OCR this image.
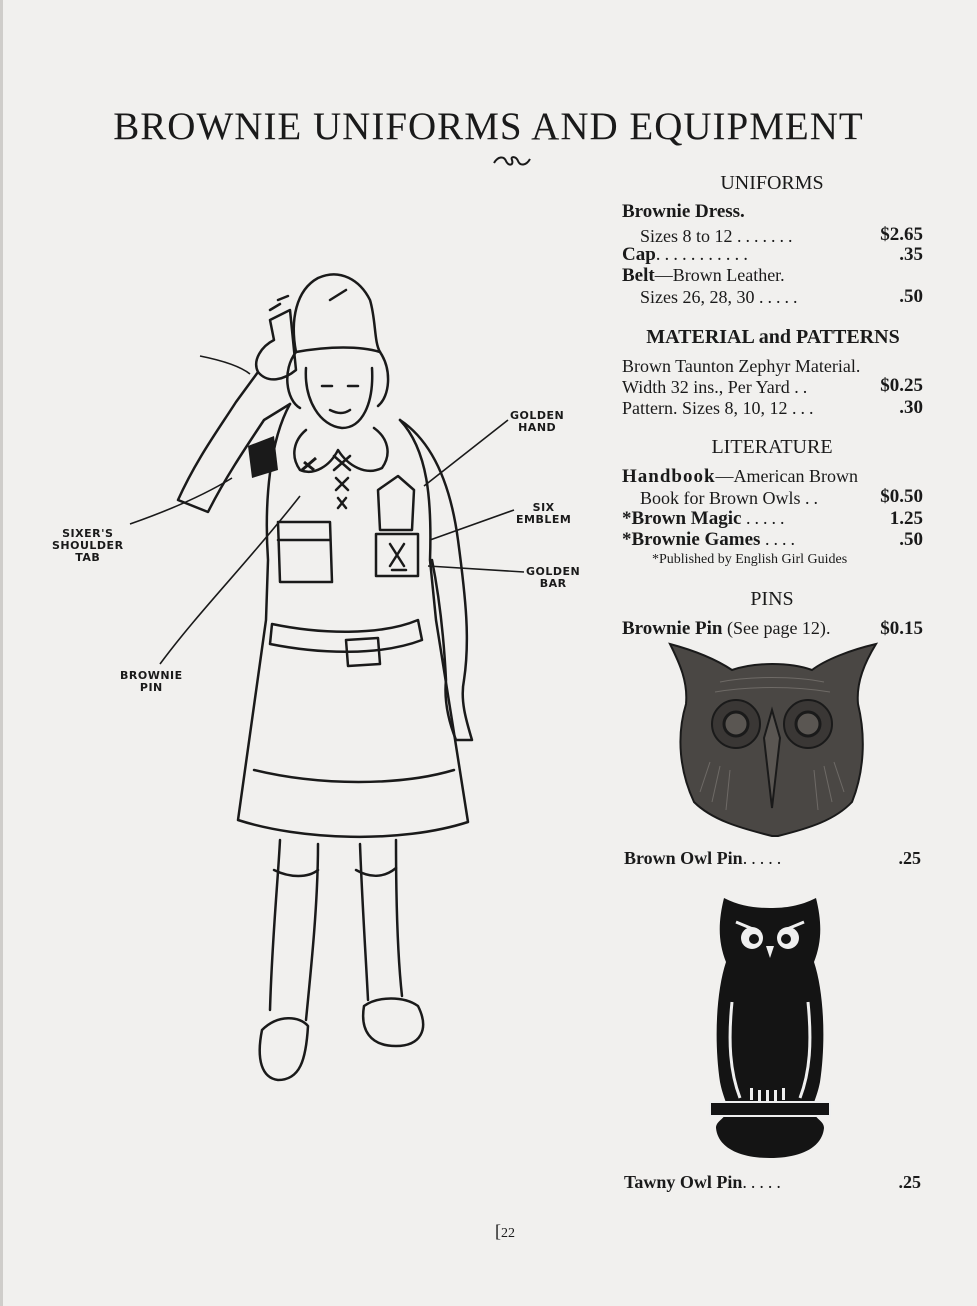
BROWNIE UNIFORMS AND EQUIPMENT
UNIFORMS
Brownie Dress.
Sizes 8 to 12 .......	$2.65
Cap...........	.35
Belt—Brown Leather.
Sizes 26, 28, 30 .....	.50
MATERIAL and PATTERNS
Brown Taunton Zephyr Material.
Width 32 ins., Per Yard ..	$0.25
Pattern. Sizes 8, 10, 12 ...	.30
LITERATURE
Handbook—American Brown
Book for Brown Owls ..	$0.50
*Brown Magic .....	1.25
*Brownie Games ....	.50
*Published by English Girl Guides
PINS
Brownie Pin (See page 12).	$0.15
Brown Owl Pin.....	.25
Tawny Owl Pin.....	.25
GOLDEN
HAND
SIX
EMBLEM
GOLDEN
BAR
SIXER'S
SHOULDER
TAB
BROWNIE
PIN
[22
